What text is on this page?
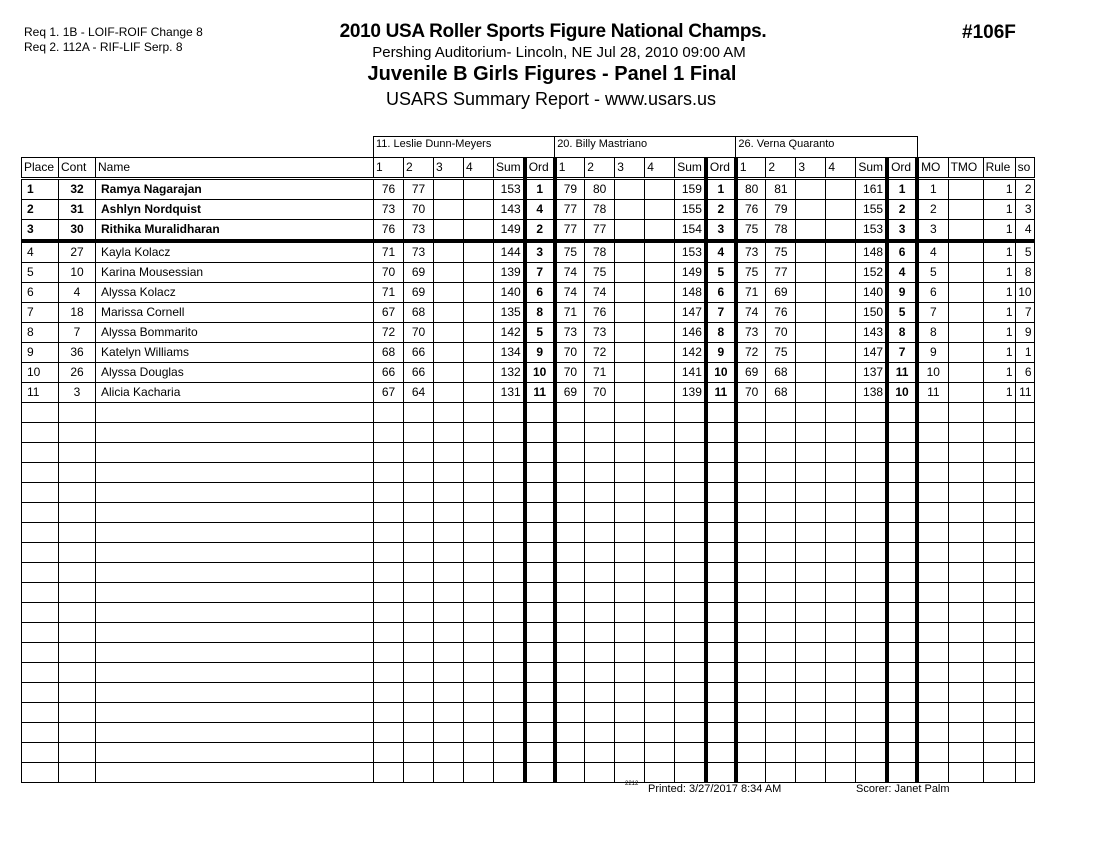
Req 1. 1B - LOIF-ROIF Change 8
Req 2. 112A - RIF-LIF Serp. 8
2010 USA Roller Sports Figure National Champs.
Pershing Auditorium- Lincoln, NE Jul 28, 2010 09:00 AM
Juvenile B Girls Figures - Panel 1 Final
USARS Summary Report - www.usars.us
#106F
			11. Leslie Dunn-Meyers						20. Billy Mastriano						26. Verna Quaranto									
Place	Cont	Name	1	2	3	4	Sum	Ord	1	2	3	4	Sum	Ord	1	2	3	4	Sum	Ord	MO	TMO	Rule	so
1	32	Ramya Nagarajan	76	77			153	1	79	80			159	1	80	81			161	1	1		1	2
2	31	Ashlyn Nordquist	73	70			143	4	77	78			155	2	76	79			155	2	2		1	3
3	30	Rithika Muralidharan	76	73			149	2	77	77			154	3	75	78			153	3	3		1	4
4	27	Kayla Kolacz	71	73			144	3	75	78			153	4	73	75			148	6	4		1	5
5	10	Karina Mousessian	70	69			139	7	74	75			149	5	75	77			152	4	5		1	8
6	4	Alyssa Kolacz	71	69			140	6	74	74			148	6	71	69			140	9	6		1	10
7	18	Marissa Cornell	67	68			135	8	71	76			147	7	74	76			150	5	7		1	7
8	7	Alyssa Bommarito	72	70			142	5	73	73			146	8	73	70			143	8	8		1	9
9	36	Katelyn Williams	68	66			134	9	70	72			142	9	72	75			147	7	9		1	1
10	26	Alyssa Douglas	66	66			132	10	70	71			141	10	69	68			137	11	10		1	6
11	3	Alicia Kacharia	67	64			131	11	69	70			139	11	70	68			138	10	11		1	11

2212 Printed: 3/27/2017 8:34 AM	Scorer: Janet Palm
